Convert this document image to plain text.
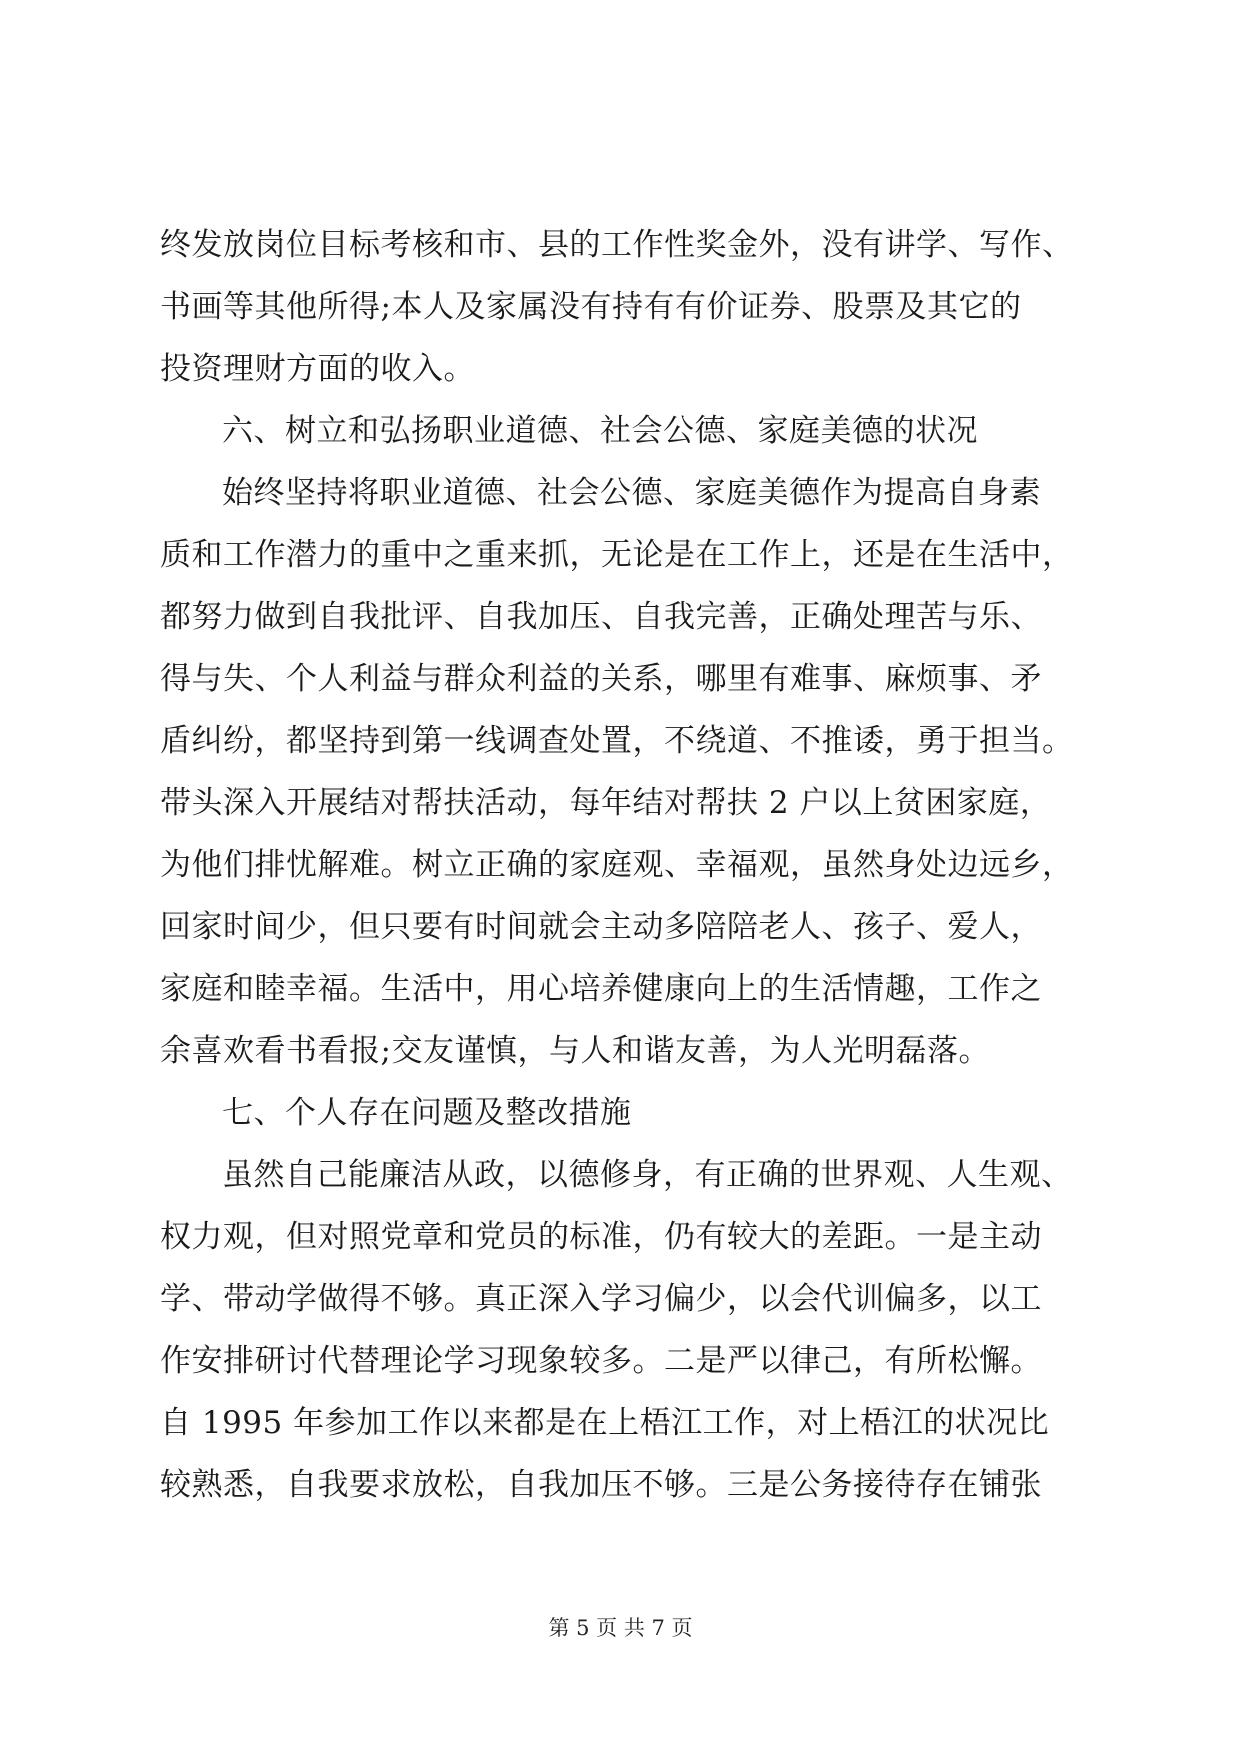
终发放岗位目标考核和市、县的工作性奖金外，没有讲学、写作、
书画等其他所得;本人及家属没有持有有价证券、股票及其它的
投资理财方面的收入。
六、树立和弘扬职业道德、社会公德、家庭美德的状况
始终坚持将职业道德、社会公德、家庭美德作为提高自身素
质和工作潜力的重中之重来抓，无论是在工作上，还是在生活中，
都努力做到自我批评、自我加压、自我完善，正确处理苦与乐、
得与失、个人利益与群众利益的关系，哪里有难事、麻烦事、矛
盾纠纷，都坚持到第一线调查处置，不绕道、不推诿，勇于担当。
带头深入开展结对帮扶活动，每年结对帮扶 2 户以上贫困家庭，
为他们排忧解难。树立正确的家庭观、幸福观，虽然身处边远乡，
回家时间少，但只要有时间就会主动多陪陪老人、孩子、爱人，
家庭和睦幸福。生活中，用心培养健康向上的生活情趣，工作之
余喜欢看书看报;交友谨慎，与人和谐友善，为人光明磊落。
七、个人存在问题及整改措施
虽然自己能廉洁从政，以德修身，有正确的世界观、人生观、
权力观，但对照党章和党员的标准，仍有较大的差距。一是主动
学、带动学做得不够。真正深入学习偏少，以会代训偏多，以工
作安排研讨代替理论学习现象较多。二是严以律己，有所松懈。
自 1995 年参加工作以来都是在上梧江工作，对上梧江的状况比
较熟悉，自我要求放松，自我加压不够。三是公务接待存在铺张
第 5 页 共 7 页
